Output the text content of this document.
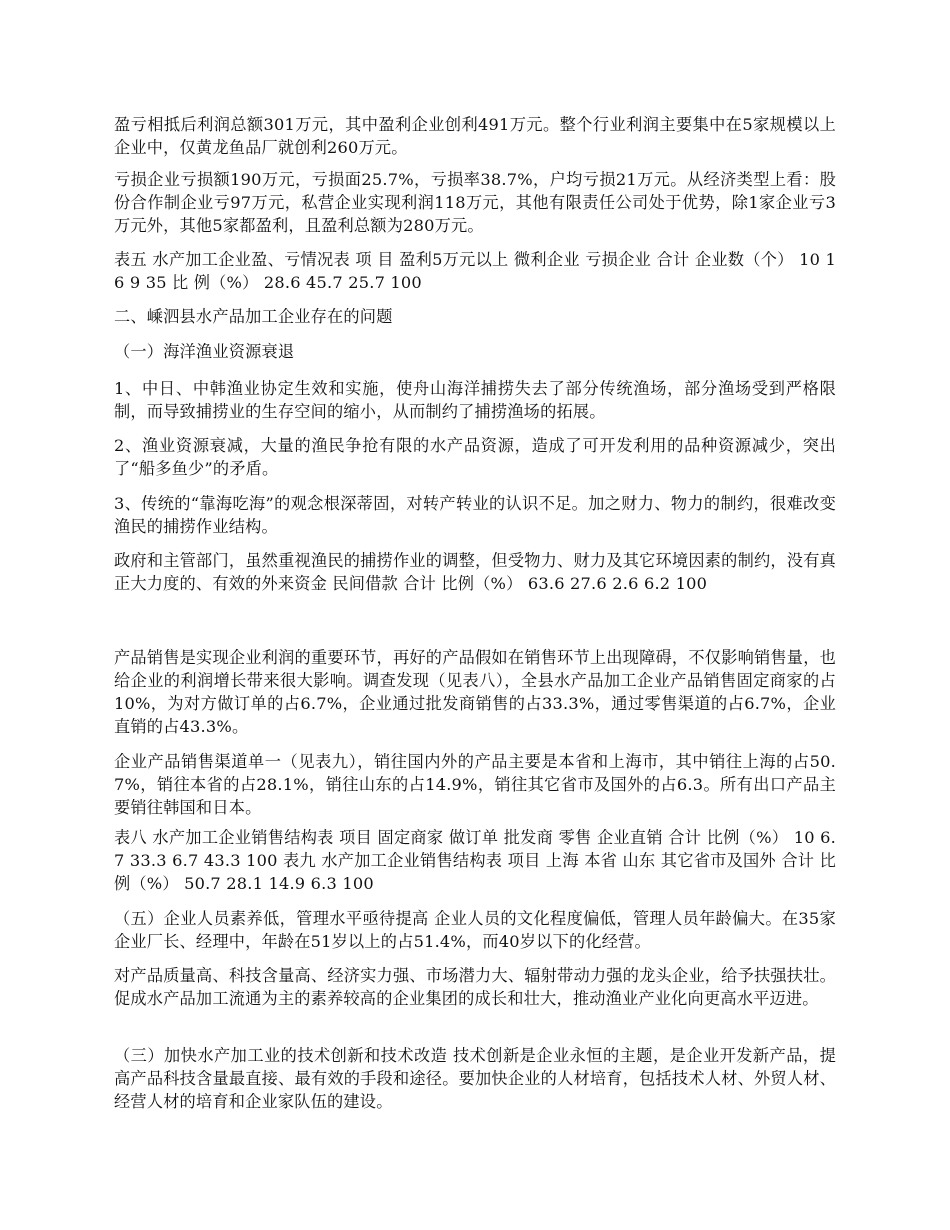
盈亏相抵后利润总额301万元，其中盈利企业创利491万元。整个行业利润主要集中在5家规模以上企业中，仅黄龙鱼品厂就创利260万元。

亏损企业亏损额190万元，亏损面25.7%，亏损率38.7%，户均亏损21万元。从经济类型上看：股份合作制企业亏97万元，私营企业实现利润118万元，其他有限责任公司处于优势，除1家企业亏3万元外，其他5家都盈利，且盈利总额为280万元。

表五 水产加工企业盈、亏情况表 项 目 盈利5万元以上 微利企业 亏损企业 合计 企业数（个） 10 16 9 35 比 例（%） 28.6 45.7 25.7 100

二、嵊泗县水产品加工企业存在的问题

（一）海洋渔业资源衰退

1、中日、中韩渔业协定生效和实施，使舟山海洋捕捞失去了部分传统渔场，部分渔场受到严格限制，而导致捕捞业的生存空间的缩小，从而制约了捕捞渔场的拓展。

2、渔业资源衰减，大量的渔民争抢有限的水产品资源，造成了可开发利用的品种资源减少，突出了“船多鱼少”的矛盾。

3、传统的“靠海吃海”的观念根深蒂固，对转产转业的认识不足。加之财力、物力的制约，很难改变渔民的捕捞作业结构。

政府和主管部门，虽然重视渔民的捕捞作业的调整，但受物力、财力及其它环境因素的制约，没有真正大力度的、有效的外来资金 民间借款 合计 比例（%） 63.6 27.6 2.6 6.2 100

产品销售是实现企业利润的重要环节，再好的产品假如在销售环节上出现障碍，不仅影响销售量，也给企业的利润增长带来很大影响。调查发现（见表八），全县水产品加工企业产品销售固定商家的占10%，为对方做订单的占6.7%，企业通过批发商销售的占33.3%，通过零售渠道的占6.7%，企业直销的占43.3%。

企业产品销售渠道单一（见表九），销往国内外的产品主要是本省和上海市，其中销往上海的占50.7%，销往本省的占28.1%，销往山东的占14.9%，销往其它省市及国外的占6.3。所有出口产品主要销往韩国和日本。

表八 水产加工企业销售结构表 项目 固定商家 做订单 批发商 零售 企业直销 合计 比例（%） 10 6.7 33.3 6.7 43.3 100 表九 水产加工企业销售结构表 项目 上海 本省 山东 其它省市及国外 合计 比例（%） 50.7 28.1 14.9 6.3 100

（五）企业人员素养低，管理水平亟待提高 企业人员的文化程度偏低，管理人员年龄偏大。在35家企业厂长、经理中，年龄在51岁以上的占51.4%，而40岁以下的化经营。

对产品质量高、科技含量高、经济实力强、市场潜力大、辐射带动力强的龙头企业，给予扶强扶壮。促成水产品加工流通为主的素养较高的企业集团的成长和壮大，推动渔业产业化向更高水平迈进。

（三）加快水产加工业的技术创新和技术改造 技术创新是企业永恒的主题，是企业开发新产品，提高产品科技含量最直接、最有效的手段和途径。要加快企业的人材培育，包括技术人材、外贸人材、经营人材的培育和企业家队伍的建设。
